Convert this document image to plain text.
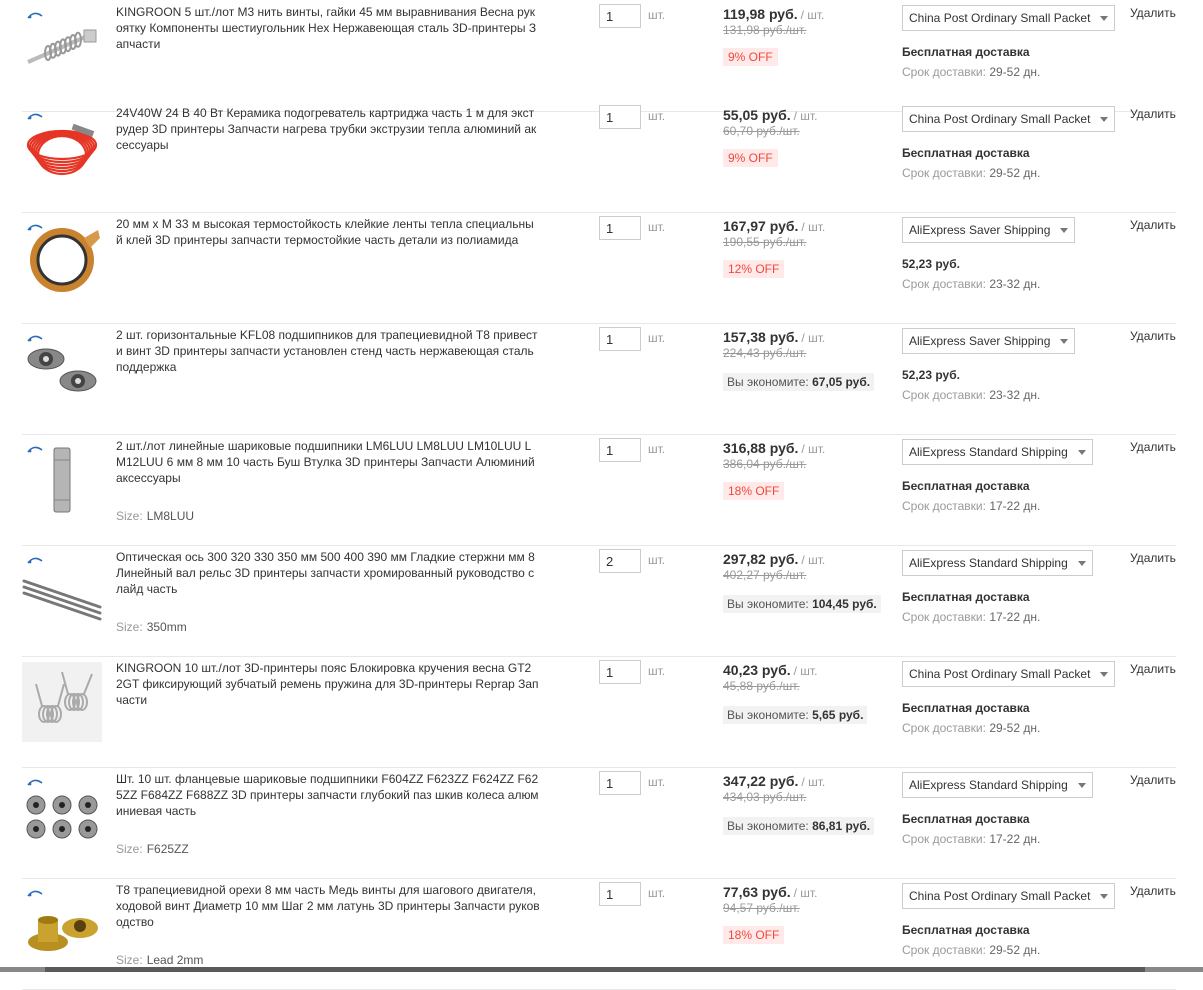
KINGROON 5 шт./лот M3 нить винты, гайки 45 мм выравнивания Весна рукоятку Компоненты шестиугольник Hex Нержавеющая сталь 3D-принтеры Запчасти
1
шт.	119,98 руб. / шт.
131,98 руб./шт.
9% OFF
China Post Ordinary Small Packet
Бесплатная доставка
Срок доставки: 29-52 дн.
Удалить
24V40W 24 В 40 Вт Керамика подогреватель картриджа часть 1 м для экструдер 3D принтеры Запчасти нагрева трубки экструзии тепла алюминий аксессуары
1
шт.	55,05 руб. / шт.
60,70 руб./шт.
9% OFF
China Post Ordinary Small Packet
Бесплатная доставка
Срок доставки: 29-52 дн.
Удалить
20 мм x М 33 м высокая термостойкость клейкие ленты тепла специальный клей 3D принтеры запчасти термостойкие часть детали из полиамида
1
шт.	167,97 руб. / шт.
190,55 руб./шт.
12% OFF
AliExpress Saver Shipping
52,23 руб.
Срок доставки: 23-32 дн.
Удалить
2 шт. горизонтальные KFL08 подшипников для трапециевидной T8 привести винт 3D принтеры запчасти установлен стенд часть нержавеющая сталь поддержка
1
шт.	157,38 руб. / шт.
224,43 руб./шт.
Вы экономите: 67,05 руб.
AliExpress Saver Shipping
52,23 руб.
Срок доставки: 23-32 дн.
Удалить
2 шт./лот линейные шариковые подшипники LM6LUU LM8LUU LM10LUU LM12LUU 6 мм 8 мм 10 часть Буш Втулка 3D принтеры Запчасти Алюминий аксессуары
Size: LM8LUU
1
шт.	316,88 руб. / шт.
386,04 руб./шт.
18% OFF
AliExpress Standard Shipping
Бесплатная доставка
Срок доставки: 17-22 дн.
Удалить
Оптическая ось 300 320 330 350 мм 500 400 390 мм Гладкие стержни мм 8 Линейный вал рельс 3D принтеры запчасти хромированный руководство слайд часть
Size: 350mm
2
шт.	297,82 руб. / шт.
402,27 руб./шт.
Вы экономите: 104,45 руб.
AliExpress Standard Shipping
Бесплатная доставка
Срок доставки: 17-22 дн.
Удалить
KINGROON 10 шт./лот 3D-принтеры пояс Блокировка кручения весна GT2 2GT фиксирующий зубчатый ремень пружина для 3D-принтеры Reprap Запчасти
1
шт.	40,23 руб. / шт.
45,88 руб./шт.
Вы экономите: 5,65 руб.
China Post Ordinary Small Packet
Бесплатная доставка
Срок доставки: 29-52 дн.
Удалить
Шт. 10 шт. фланцевые шариковые подшипники F604ZZ F623ZZ F624ZZ F625ZZ F684ZZ F688ZZ 3D принтеры запчасти глубокий паз шкив колеса алюминиевая часть
Size: F625ZZ
1
шт.	347,22 руб. / шт.
434,03 руб./шт.
Вы экономите: 86,81 руб.
AliExpress Standard Shipping
Бесплатная доставка
Срок доставки: 17-22 дн.
Удалить
T8 трапециевидной орехи 8 мм часть Медь винты для шагового двигателя, ходовой винт Диаметр 10 мм Шаг 2 мм латунь 3D принтеры Запчасти руководство
Size: Lead 2mm
1
шт.	77,63 руб. / шт.
94,57 руб./шт.
18% OFF
China Post Ordinary Small Packet
Бесплатная доставка
Срок доставки: 29-52 дн.
Удалить
